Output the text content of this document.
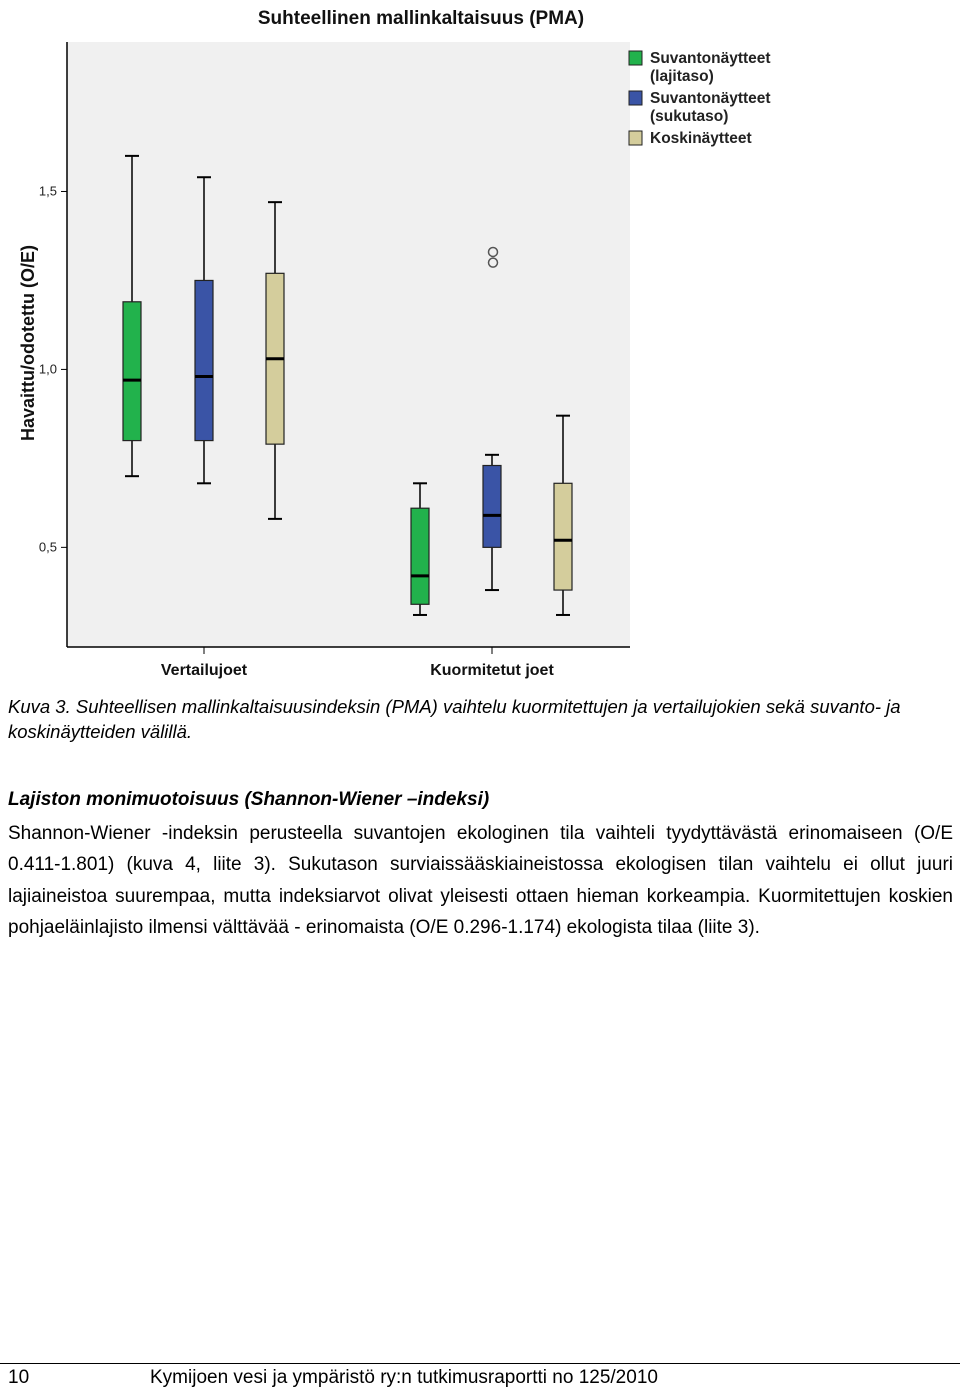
Suhteellinen mallinkaltaisuus (PMA)
0,5
1,0
1,5
Havaittu/odotettu (O/E)
Vertailujoet	Kuormitetut joet
Suvantonäytteet
(lajitaso)
Suvantonäytteet
(sukutaso)
Koskinäytteet
Kuva 3. Suhteellisen mallinkaltaisuusindeksin (PMA) vaihtelu kuormitettujen ja vertailujokien sekä suvanto- ja koskinäytteiden välillä.
Lajiston monimuotoisuus (Shannon-Wiener –indeksi)

Shannon-Wiener -indeksin perusteella suvantojen ekologinen tila vaihteli tyydyttävästä erinomaiseen (O/E 0.411-1.801) (kuva 4, liite 3). Sukutason surviaissääskiaineistossa ekologisen tilan vaihtelu ei ollut juuri lajiaineistoa suurempaa, mutta indeksiarvot olivat yleisesti ottaen hieman korkeampia. Kuormitettujen koskien pohjaeläinlajisto ilmensi välttävää - erinomaista (O/E 0.296-1.174) ekologista tilaa (liite 3).

10	Kymijoen vesi ja ympäristö ry:n tutkimusraportti no 125/2010
